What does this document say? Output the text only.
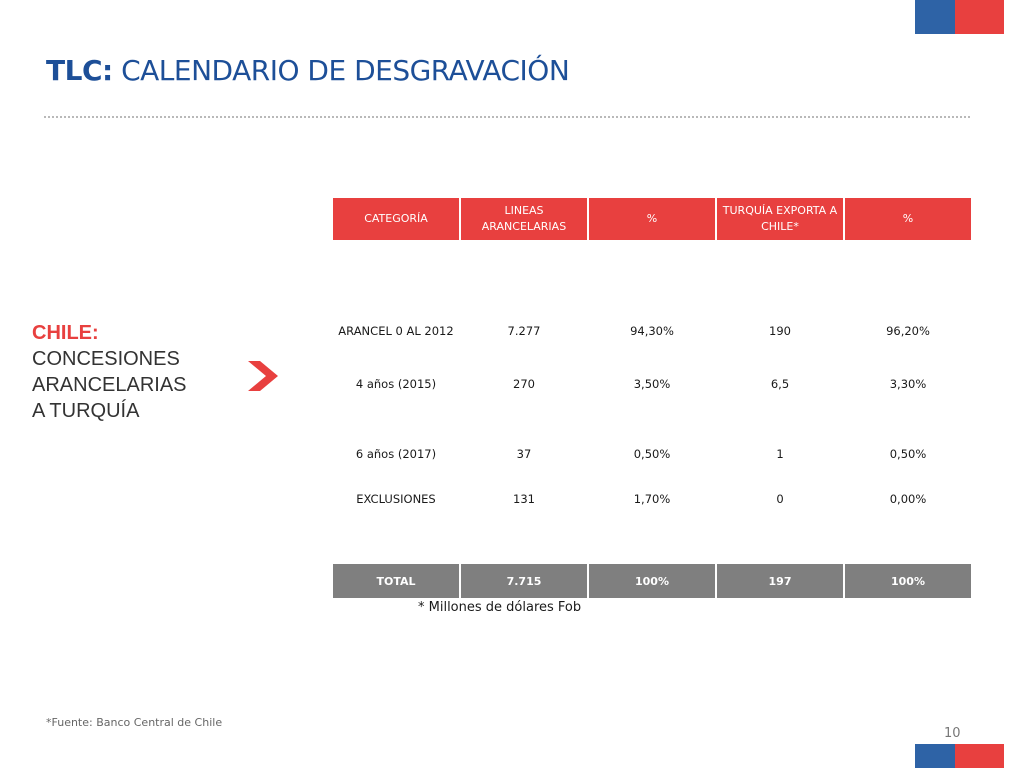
TLC: CALENDARIO DE DESGRAVACIÓN
CHILE:
CONCESIONES
ARANCELARIAS
A TURQUÍA
CATEGORÍA	LINEAS ARANCELARIAS	%	TURQUÍA EXPORTA A CHILE*	%
ARANCEL 0 AL 2012	7.277	94,30%	190	96,20%
4 años (2015)	270	3,50%	6,5	3,30%
6 años (2017)	37	0,50%	1	0,50%
EXCLUSIONES	131	1,70%	0	0,00%

TOTAL	7.715	100%	197	100%
* Millones de dólares Fob
*Fuente: Banco Central de Chile
10
